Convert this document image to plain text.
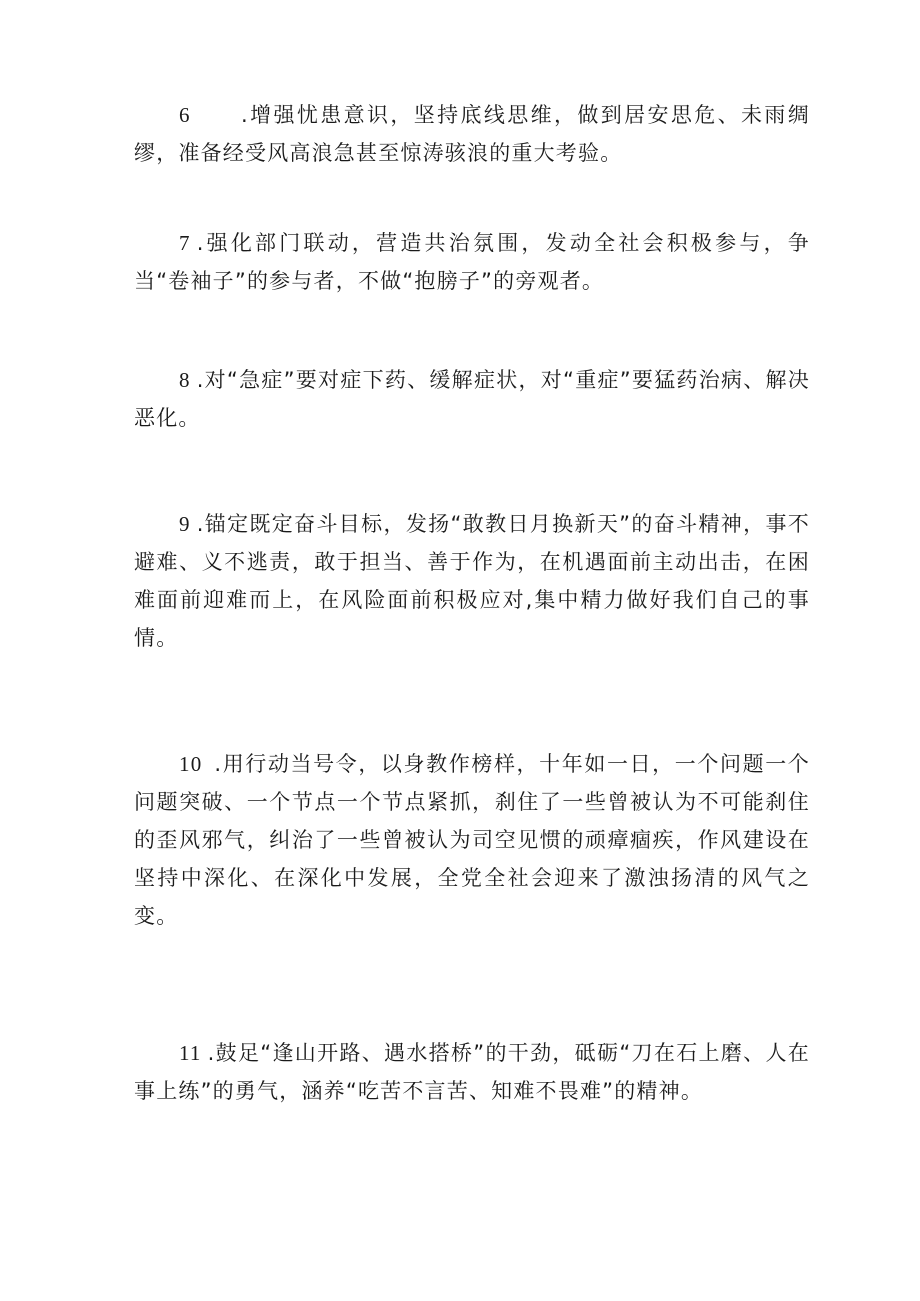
6 .增强忧患意识，坚持底线思维，做到居安思危、未雨绸缪，准备经受风高浪急甚至惊涛骇浪的重大考验。

7 .强化部门联动，营造共治氛围，发动全社会积极参与，争当“卷袖子”的参与者，不做“抱膀子”的旁观者。

8 .对“急症”要对症下药、缓解症状，对“重症”要猛药治病、解决恶化。

9 .锚定既定奋斗目标，发扬“敢教日月换新天”的奋斗精神，事不避难、义不逃责，敢于担当、善于作为，在机遇面前主动出击，在困难面前迎难而上，在风险面前积极应对,集中精力做好我们自己的事情。

10 .用行动当号令，以身教作榜样，十年如一日，一个问题一个问题突破、一个节点一个节点紧抓，刹住了一些曾被认为不可能刹住的歪风邪气，纠治了一些曾被认为司空见惯的顽瘴痼疾，作风建设在坚持中深化、在深化中发展，全党全社会迎来了激浊扬清的风气之变。

11 .鼓足“逢山开路、遇水搭桥”的干劲，砥砺“刀在石上磨、人在事上练”的勇气，涵养“吃苦不言苦、知难不畏难”的精神。
